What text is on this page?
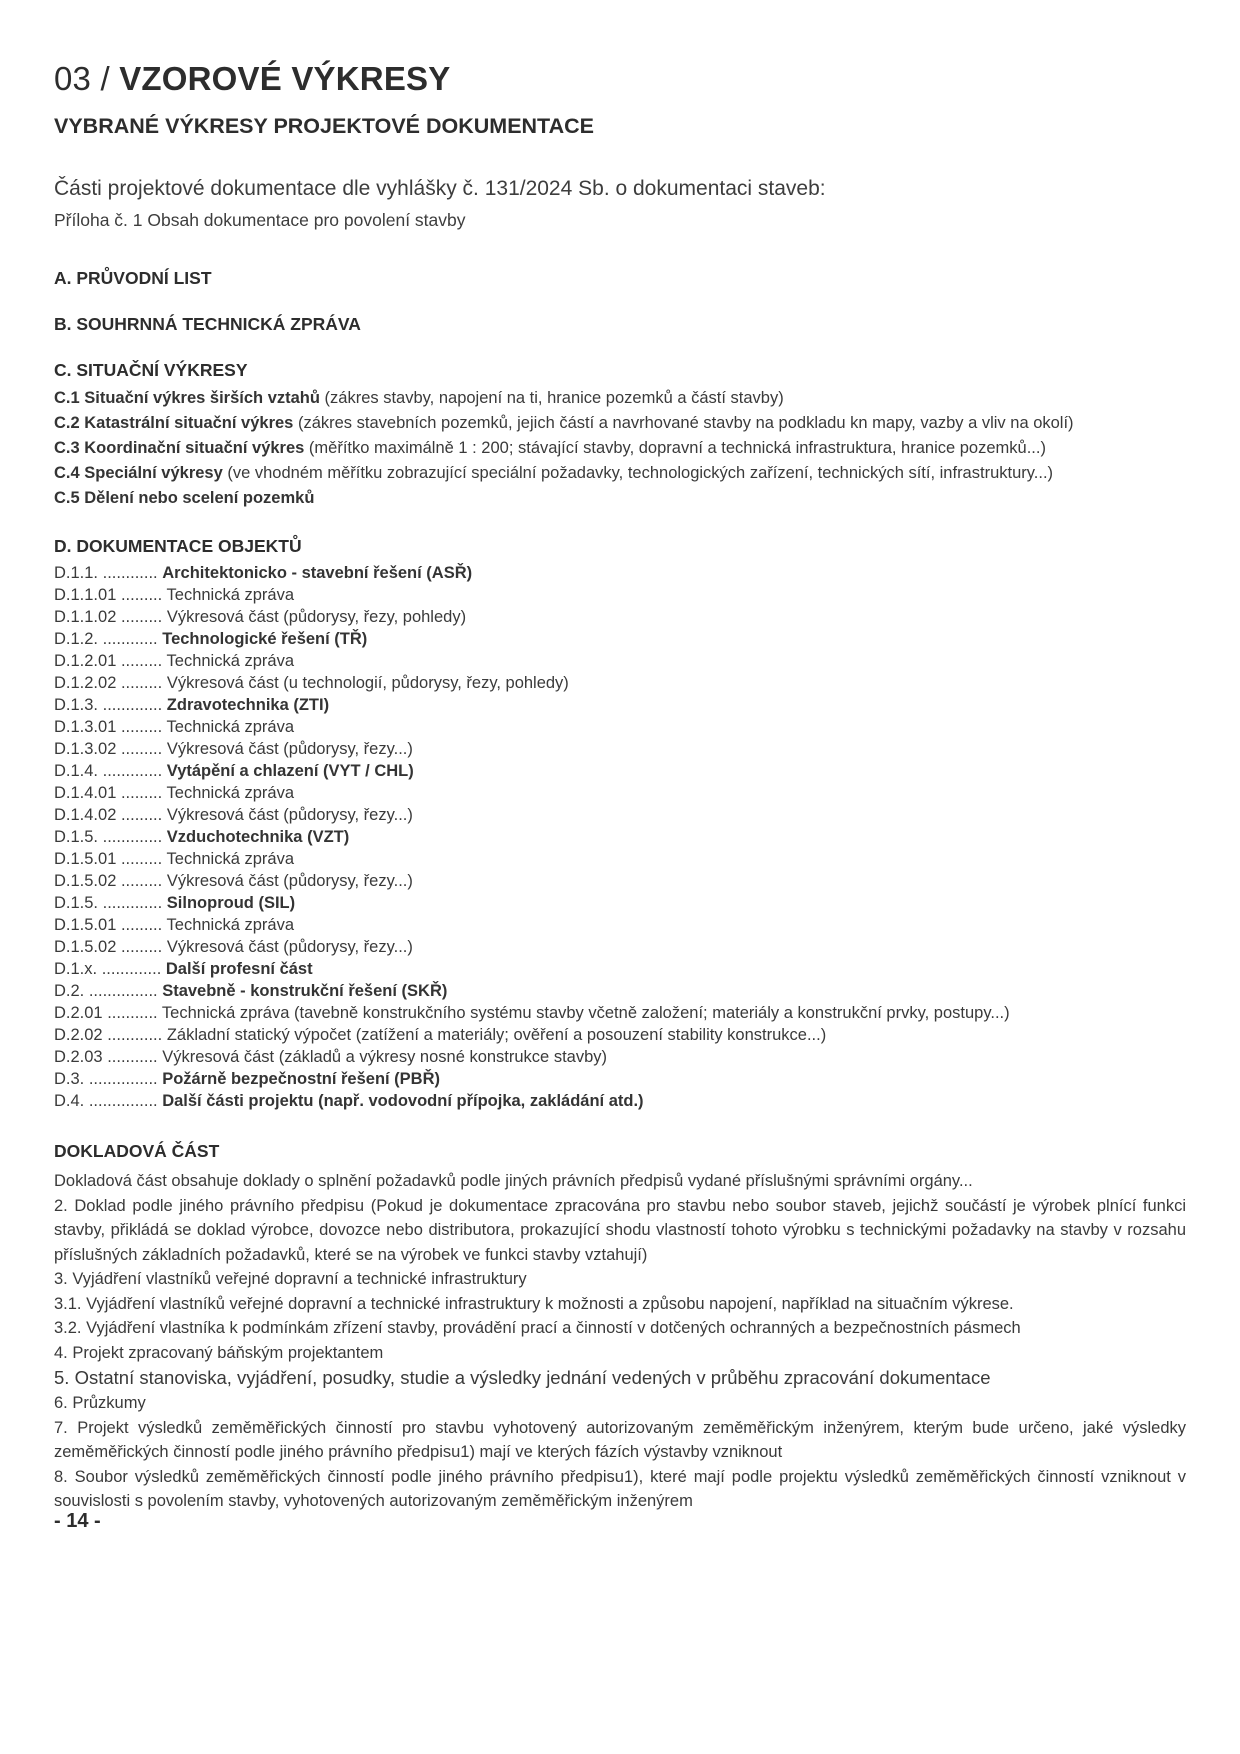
03 / VZOROVÉ VÝKRESY
VYBRANÉ VÝKRESY PROJEKTOVÉ DOKUMENTACE

Části projektové dokumentace dle vyhlášky č. 131/2024 Sb. o dokumentaci staveb:

Příloha č. 1 Obsah dokumentace pro povolení stavby

A. PRŮVODNÍ LIST
B. SOUHRNNÁ TECHNICKÁ ZPRÁVA
C. SITUAČNÍ VÝKRESY
C.1 Situační výkres širších vztahů (zákres stavby, napojení na ti, hranice pozemků a částí stavby)
C.2 Katastrální situační výkres (zákres stavebních pozemků, jejich částí a navrhované stavby na podkladu kn mapy, vazby a vliv na okolí)
C.3 Koordinační situační výkres (měřítko maximálně 1 : 200; stávající stavby, dopravní a technická infrastruktura, hranice pozemků...)
C.4 Speciální výkresy (ve vhodném měřítku zobrazující speciální požadavky, technologických zařízení, technických sítí, infrastruktury...)
C.5 Dělení nebo scelení pozemků
D. DOKUMENTACE OBJEKTŮ
D.1.1. ............ Architektonicko - stavební řešení (ASŘ)
D.1.1.01 ......... Technická zpráva
D.1.1.02 ......... Výkresová část (půdorysy, řezy, pohledy)
D.1.2. ............ Technologické řešení (TŘ)
D.1.2.01 ......... Technická zpráva
D.1.2.02 ......... Výkresová část (u technologií, půdorysy, řezy, pohledy)
D.1.3. ............. Zdravotechnika (ZTI)
D.1.3.01 ......... Technická zpráva
D.1.3.02 ......... Výkresová část (půdorysy, řezy...)
D.1.4. ............. Vytápění a chlazení (VYT / CHL)
D.1.4.01 ......... Technická zpráva
D.1.4.02 ......... Výkresová část (půdorysy, řezy...)
D.1.5. ............. Vzduchotechnika (VZT)
D.1.5.01 ......... Technická zpráva
D.1.5.02 ......... Výkresová část (půdorysy, řezy...)
D.1.5. ............. Silnoproud (SIL)
D.1.5.01 ......... Technická zpráva
D.1.5.02 ......... Výkresová část (půdorysy, řezy...)
D.1.x. ............. Další profesní část
D.2. ............... Stavebně - konstrukční řešení (SKŘ)
D.2.01 ........... Technická zpráva (tavebně konstrukčního systému stavby včetně založení; materiály a konstrukční prvky, postupy...)
D.2.02 ............ Základní statický výpočet (zatížení a materiály; ověření a posouzení stability konstrukce...)
D.2.03 ........... Výkresová část (základů a výkresy nosné konstrukce stavby)
D.3. ............... Požárně bezpečnostní řešení (PBŘ)
D.4. ............... Další části projektu (např. vodovodní přípojka, zakládání atd.)
DOKLADOVÁ ČÁST

Dokladová část obsahuje doklady o splnění požadavků podle jiných právních předpisů vydané příslušnými správními orgány...

2. Doklad podle jiného právního předpisu (Pokud je dokumentace zpracována pro stavbu nebo soubor staveb, jejichž součástí je výrobek plnící funkci stavby, přikládá se doklad výrobce, dovozce nebo distributora, prokazující shodu vlastností tohoto výrobku s technickými požadavky na stavby v rozsahu příslušných základních požadavků, které se na výrobek ve funkci stavby vztahují)

3. Vyjádření vlastníků veřejné dopravní a technické infrastruktury

3.1. Vyjádření vlastníků veřejné dopravní a technické infrastruktury k možnosti a způsobu napojení, například na situačním výkrese.

3.2. Vyjádření vlastníka k podmínkám zřízení stavby, provádění prací a činností v dotčených ochranných a bezpečnostních pásmech

4. Projekt zpracovaný báňským projektantem

5. Ostatní stanoviska, vyjádření, posudky, studie a výsledky jednání vedených v průběhu zpracování dokumentace

6. Průzkumy

7. Projekt výsledků zeměměřických činností pro stavbu vyhotovený autorizovaným zeměměřickým inženýrem, kterým bude určeno, jaké výsledky zeměměřických činností podle jiného právního předpisu1) mají ve kterých fázích výstavby vzniknout

8. Soubor výsledků zeměměřických činností podle jiného právního předpisu1), které mají podle projektu výsledků zeměměřických činností vzniknout v souvislosti s povolením stavby, vyhotovených autorizovaným zeměměřickým inženýrem

- 14 -
